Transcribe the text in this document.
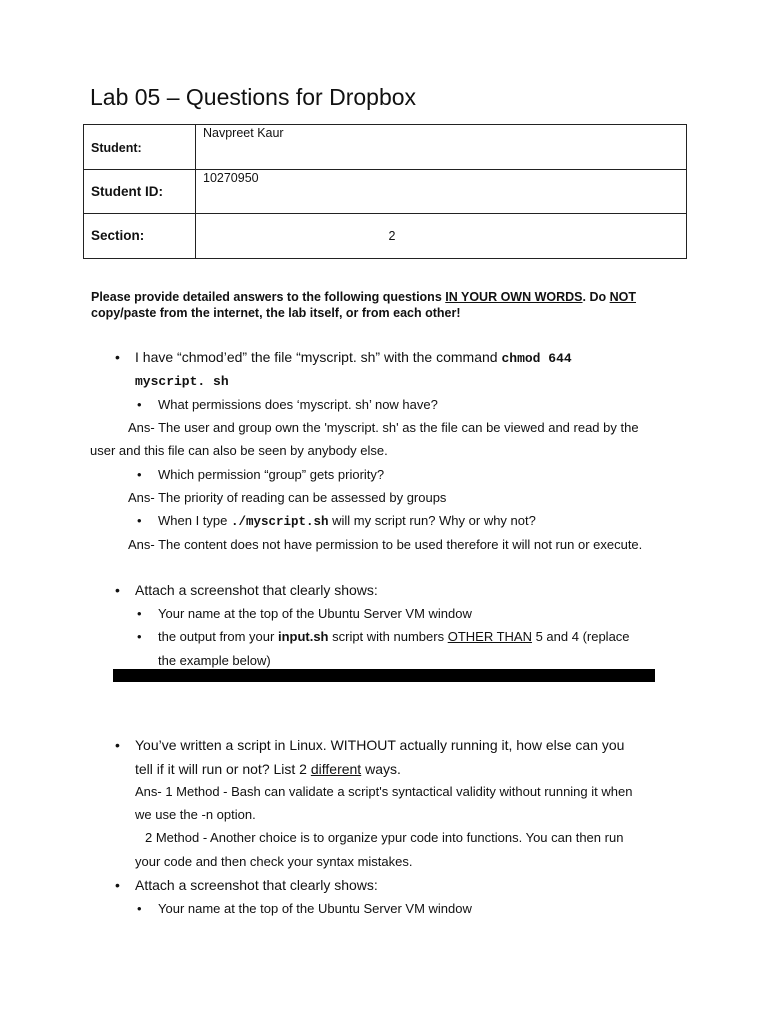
Lab 05 – Questions for Dropbox
Student:	Navpreet Kaur

Student ID:	10270950

Section:	2
Please provide detailed answers to the following questions IN YOUR OWN WORDS. Do NOT copy/paste from the internet, the lab itself, or from each other!
• I have “chmod’ed” the file “myscript. sh” with the command chmod 644
myscript. sh
• What permissions does ‘myscript. sh’ now have?
Ans- The user and group own the 'myscript. sh' as the file can be viewed and read by the
user and this file can also be seen by anybody else.
• Which permission “group” gets priority?
Ans- The priority of reading can be assessed by groups
• When I type ./myscript.sh will my script run? Why or why not?
Ans- The content does not have permission to be used therefore it will not run or execute.
• Attach a screenshot that clearly shows:
• Your name at the top of the Ubuntu Server VM window
• the output from your input.sh script with numbers OTHER THAN 5 and 4 (replace
the example below)
• You’ve written a script in Linux. WITHOUT actually running it, how else can you
tell if it will run or not? List 2 different ways.
Ans- 1 Method - Bash can validate a script's syntactical validity without running it when
we use the -n option.
2 Method - Another choice is to organize ypur code into functions. You can then run
your code and then check your syntax mistakes.
• Attach a screenshot that clearly shows:
• Your name at the top of the Ubuntu Server VM window
